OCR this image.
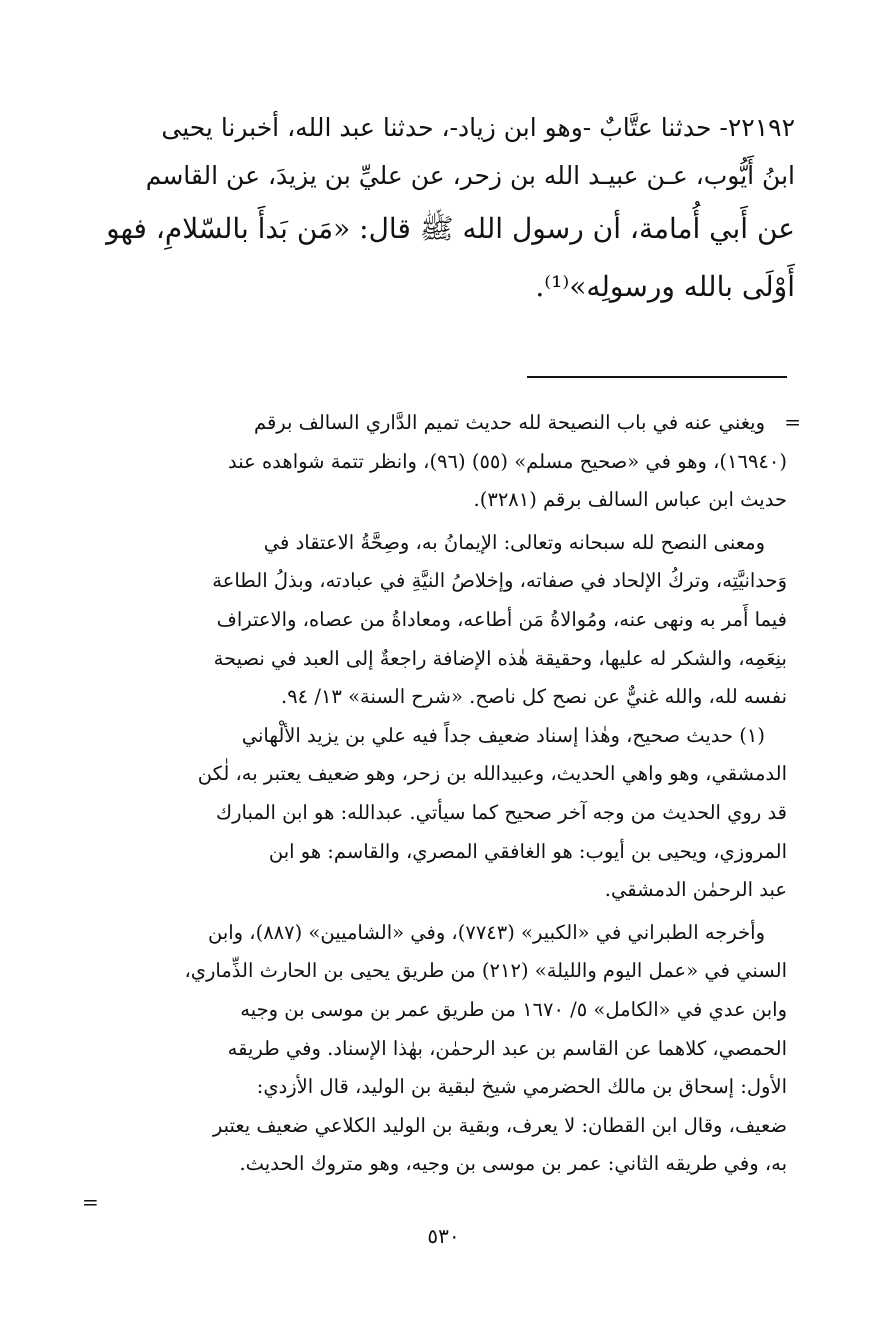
٢٢١٩٢- حدثنا عتَّابٌ -وهو ابن زياد-، حدثنا عبد الله، أخبرنا يحيى
ابنُ أَيُّوب، عـن عبيـد الله بن زحر، عن عليِّ بن يزيدَ، عن القاسم
عن أَبي أُمامة، أن رسول الله ﷺ قال: «مَن بَدأَ بالسّلامِ، فهو
أَوْلَى بالله ورسولِه»⁽¹⁾.
=
ويغني عنه في باب النصيحة لله حديث تميم الدَّاري السالف برقم
(١٦٩٤٠)، وهو في «صحيح مسلم» (٥٥) (٩٦)، وانظر تتمة شواهده عند
حديث ابن عباس السالف برقم (٣٢٨١).
ومعنى النصح لله سبحانه وتعالى: الإيمانُ به، وصِحَّةُ الاعتقاد في
وَحدانيَّتِه، وتركُ الإلحاد في صفاته، وإخلاصُ النيَّةِ في عبادته، وبذلُ الطاعة
فيما أَمر به ونهى عنه، ومُوالاةُ مَن أطاعه، ومعاداةُ من عصاه، والاعتراف
بنِعَمِه، والشكر له عليها، وحقيقة هٰذه الإضافة راجعةٌ إلى العبد في نصيحة
نفسه لله، والله غنيٌّ عن نصح كل ناصح. «شرح السنة» ١٣/ ٩٤.
(١) حديث صحيح، وهٰذا إسناد ضعيف جداً فيه علي بن يزيد الألْهاني
الدمشقي، وهو واهي الحديث، وعبيدالله بن زحر، وهو ضعيف يعتبر به، لٰكن
قد روي الحديث من وجه آخر صحيح كما سيأتي. عبدالله: هو ابن المبارك
المروزي، ويحيى بن أيوب: هو الغافقي المصري، والقاسم: هو ابن
عبد الرحمٰن الدمشقي.
وأخرجه الطبراني في «الكبير» (٧٧٤٣)، وفي «الشاميين» (٨٨٧)، وابن
السني في «عمل اليوم والليلة» (٢١٢) من طريق يحيى بن الحارث الذِّماري،
وابن عدي في «الكامل» ٥/ ١٦٧٠ من طريق عمر بن موسى بن وجيه
الحمصي، كلاهما عن القاسم بن عبد الرحمٰن، بهٰذا الإسناد. وفي طريقه
الأول: إسحاق بن مالك الحضرمي شيخ لبقية بن الوليد، قال الأزدي:
ضعيف، وقال ابن القطان: لا يعرف، وبقية بن الوليد الكلاعي ضعيف يعتبر
به، وفي طريقه الثاني: عمر بن موسى بن وجيه، وهو متروك الحديث.
=
٥٣٠
